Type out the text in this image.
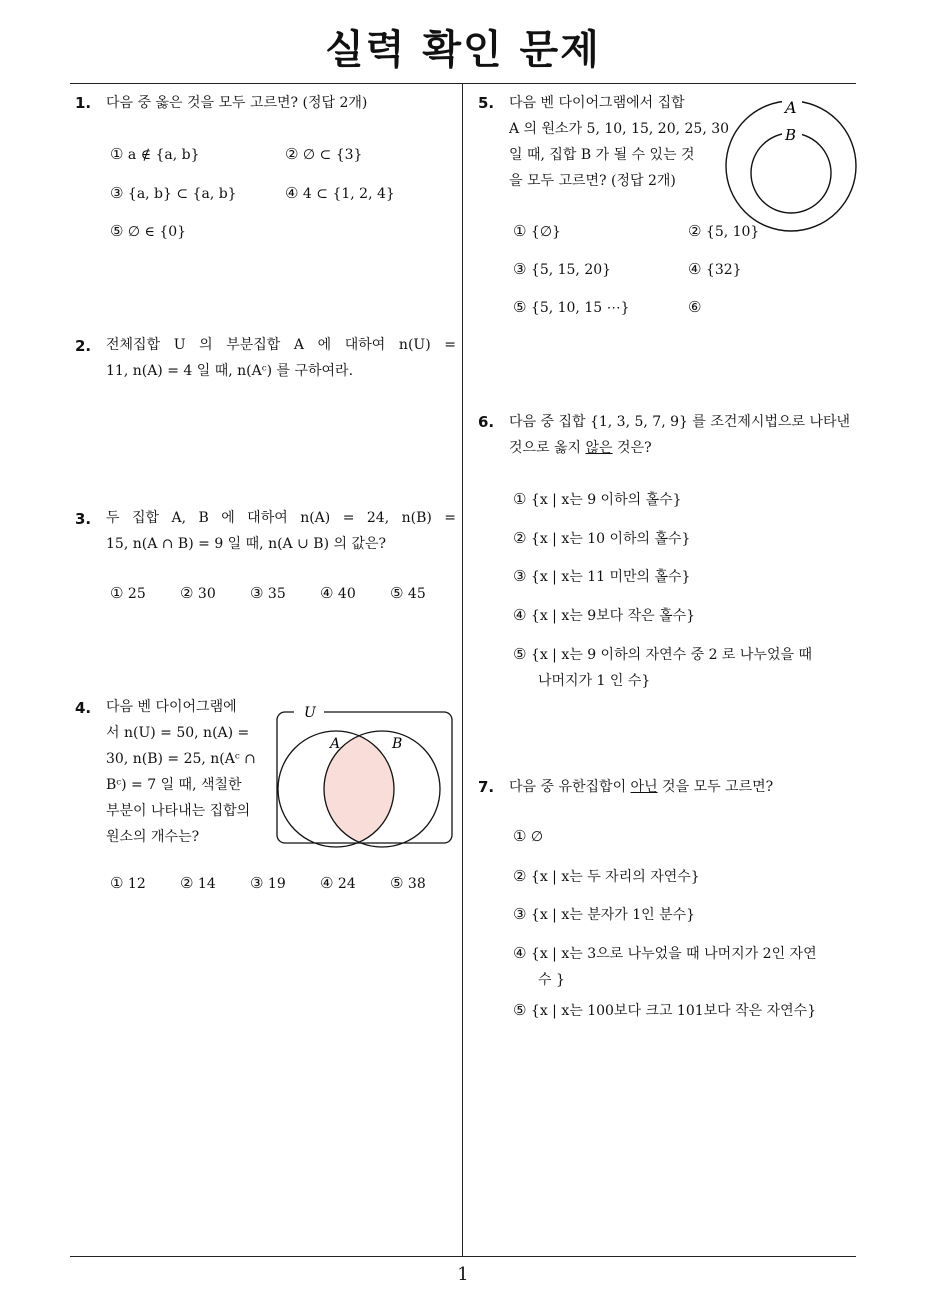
실력 확인 문제
1
1. 다음 중 옳은 것을 모두 고르면? (정답 2개)
① a ∉ {a, b}	② ∅ ⊂ {3}
③ {a, b} ⊂ {a, b}	④ 4 ⊂ {1, 2, 4}
⑤ ∅ ∈ {0}
2. 전체집합 U 의 부분집합 A 에 대하여 n(U) =
11, n(A) = 4 일 때, n(Aᶜ) 를 구하여라.
3. 두 집합 A, B 에 대하여 n(A) = 24, n(B) =
15, n(A ∩ B) = 9 일 때, n(A ∪ B) 의 값은?
① 25 ② 30 ③ 35 ④ 40 ⑤ 45
4. 다음 벤 다이어그램에
서 n(U) = 50, n(A) =
30, n(B) = 25, n(Aᶜ ∩
Bᶜ) = 7 일 때, 색칠한
부분이 나타내는 집합의
원소의 개수는?
U
A	B
① 12 ② 14 ③ 19 ④ 24 ⑤ 38
5. 다음 벤 다이어그램에서 집합
A 의 원소가 5, 10, 15, 20, 25, 30
일 때, 집합 B 가 될 수 있는 것
을 모두 고르면? (정답 2개)
A
B
① {∅}	② {5, 10}
③ {5, 15, 20}	④ {32}
⑤ {5, 10, 15 ⋯}	⑥
6. 다음 중 집합 {1, 3, 5, 7, 9} 를 조건제시법으로 나타낸
것으로 옳지 않은 것은?
① {x | x는 9 이하의 홀수}
② {x | x는 10 이하의 홀수}
③ {x | x는 11 미만의 홀수}
④ {x | x는 9보다 작은 홀수}
⑤ {x | x는 9 이하의 자연수 중 2 로 나누었을 때
나머지가 1 인 수}
7. 다음 중 유한집합이 아닌 것을 모두 고르면?
① ∅
② {x | x는 두 자리의 자연수}
③ {x | x는 분자가 1인 분수}
④ {x | x는 3으로 나누었을 때 나머지가 2인 자연
수 }
⑤ {x | x는 100보다 크고 101보다 작은 자연수}
